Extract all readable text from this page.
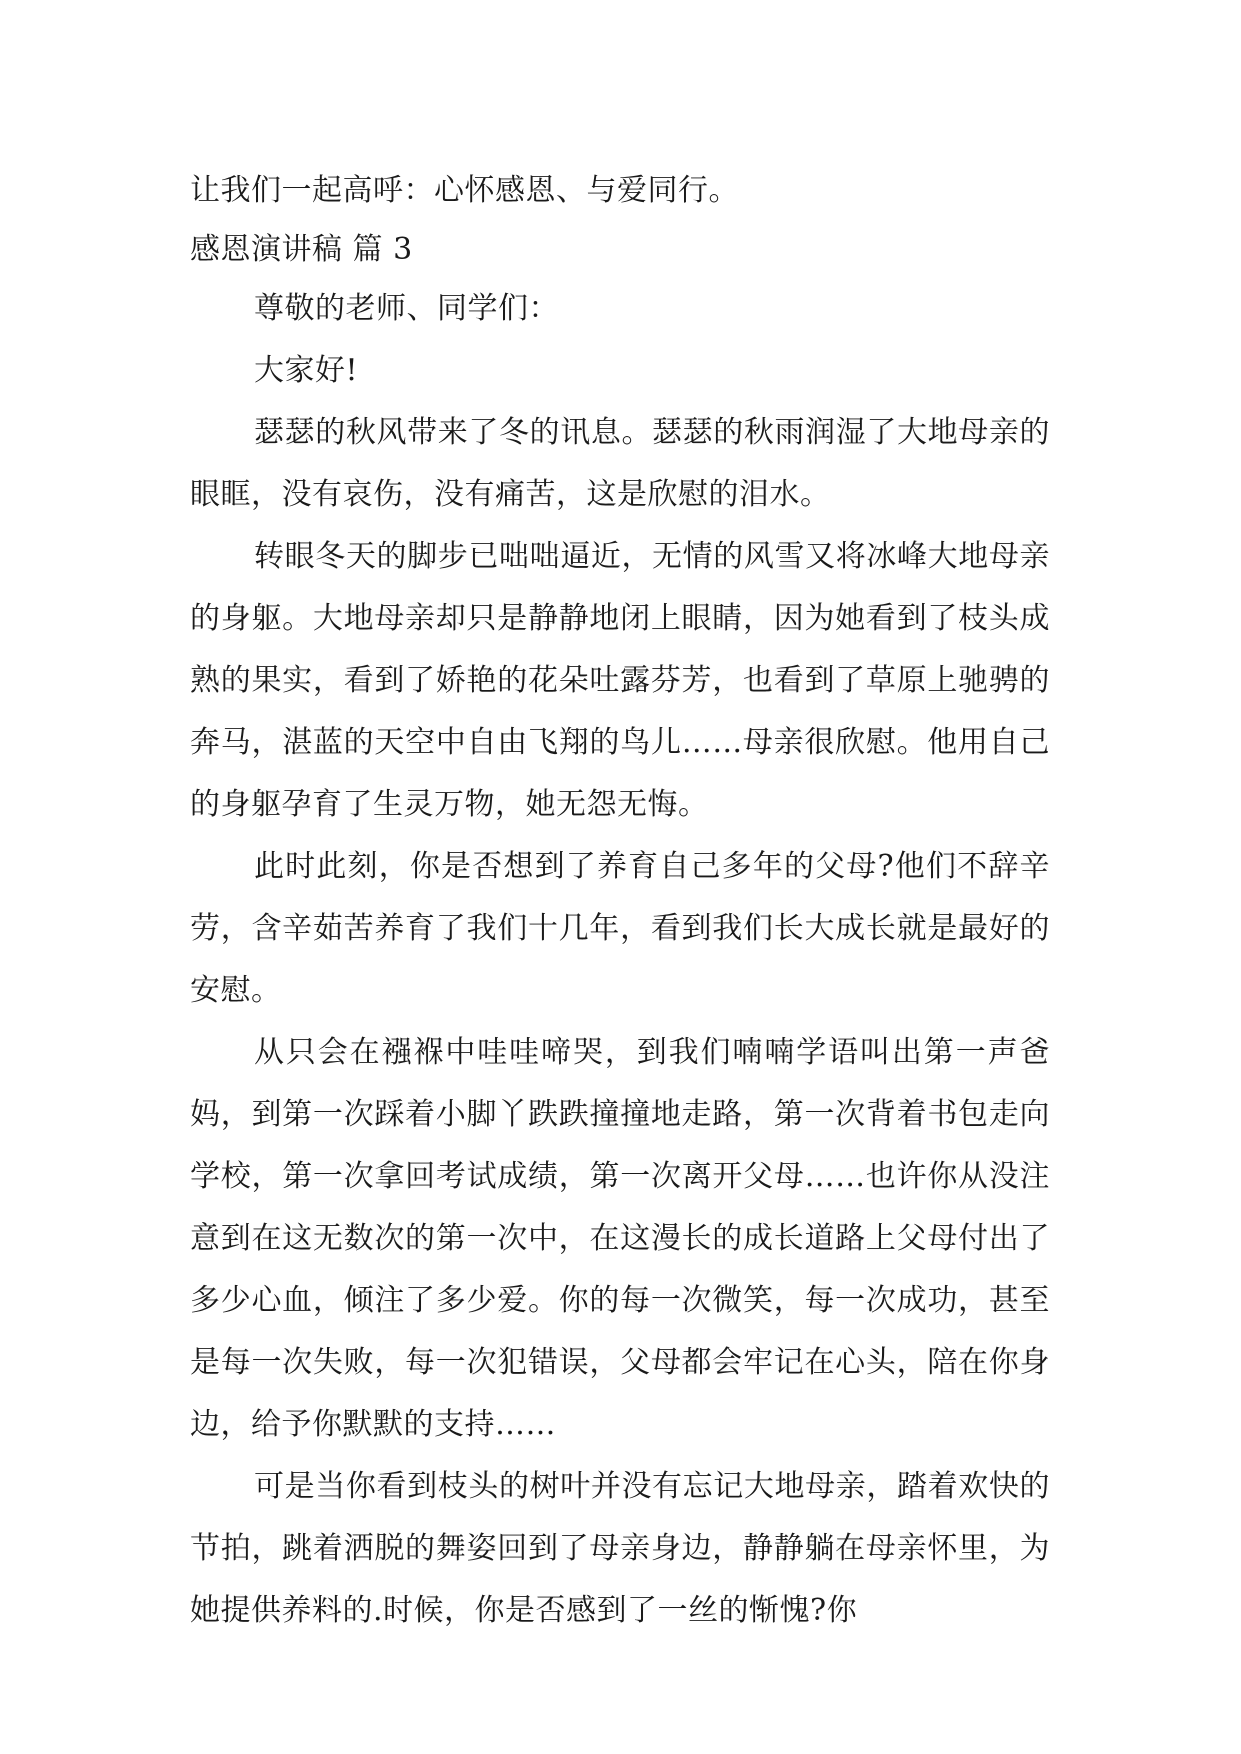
让我们一起高呼：心怀感恩、与爱同行。
感恩演讲稿 篇 3
尊敬的老师、同学们：
大家好!
瑟瑟的秋风带来了冬的讯息。瑟瑟的秋雨润湿了大地母亲的眼眶，没有哀伤，没有痛苦，这是欣慰的泪水。
转眼冬天的脚步已咄咄逼近，无情的风雪又将冰峰大地母亲的身躯。大地母亲却只是静静地闭上眼睛，因为她看到了枝头成熟的果实，看到了娇艳的花朵吐露芬芳，也看到了草原上驰骋的奔马，湛蓝的天空中自由飞翔的鸟儿……母亲很欣慰。他用自己的身躯孕育了生灵万物，她无怨无悔。
此时此刻，你是否想到了养育自己多年的父母?他们不辞辛劳，含辛茹苦养育了我们十几年，看到我们长大成长就是最好的安慰。
从只会在襁褓中哇哇啼哭，到我们喃喃学语叫出第一声爸妈，到第一次踩着小脚丫跌跌撞撞地走路，第一次背着书包走向学校，第一次拿回考试成绩，第一次离开父母……也许你从没注意到在这无数次的第一次中，在这漫长的成长道路上父母付出了多少心血，倾注了多少爱。你的每一次微笑，每一次成功，甚至是每一次失败，每一次犯错误，父母都会牢记在心头，陪在你身边，给予你默默的支持……
可是当你看到枝头的树叶并没有忘记大地母亲，踏着欢快的节拍，跳着洒脱的舞姿回到了母亲身边，静静躺在母亲怀里，为她提供养料的.时候，你是否感到了一丝的惭愧?你
